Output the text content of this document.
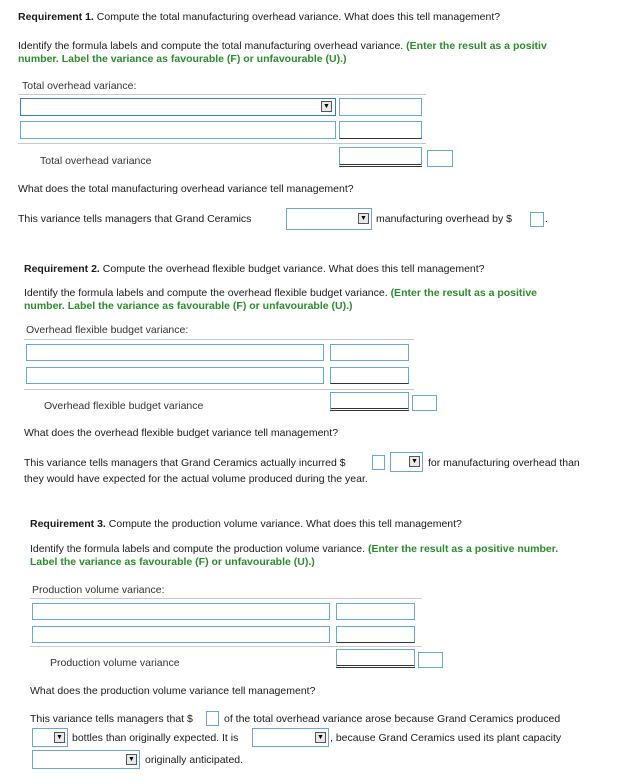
Requirement 1. Compute the total manufacturing overhead variance. What does this tell management?
Identify the formula labels and compute the total manufacturing overhead variance. (Enter the result as a positiv
number. Label the variance as favourable (F) or unfavourable (U).)
Total overhead variance:
▼
Total overhead variance
What does the total manufacturing overhead variance tell management?
This variance tells managers that Grand Ceramics	▼ manufacturing overhead by $	.
Requirement 2. Compute the overhead flexible budget variance. What does this tell management?
Identify the formula labels and compute the overhead flexible budget variance. (Enter the result as a positive
number. Label the variance as favourable (F) or unfavourable (U).)
Overhead flexible budget variance:
Overhead flexible budget variance
What does the overhead flexible budget variance tell management?
This variance tells managers that Grand Ceramics actually incurred $	▼ for manufacturing overhead than
they would have expected for the actual volume produced during the year.
Requirement 3. Compute the production volume variance. What does this tell management?
Identify the formula labels and compute the production volume variance. (Enter the result as a positive number.
Label the variance as favourable (F) or unfavourable (U).)
Production volume variance:
Production volume variance
What does the production volume variance tell management?
This variance tells managers that $	of the total overhead variance arose because Grand Ceramics produced
▼ bottles than originally expected. It is	▼ , because Grand Ceramics used its plant capacity
▼ originally anticipated.
